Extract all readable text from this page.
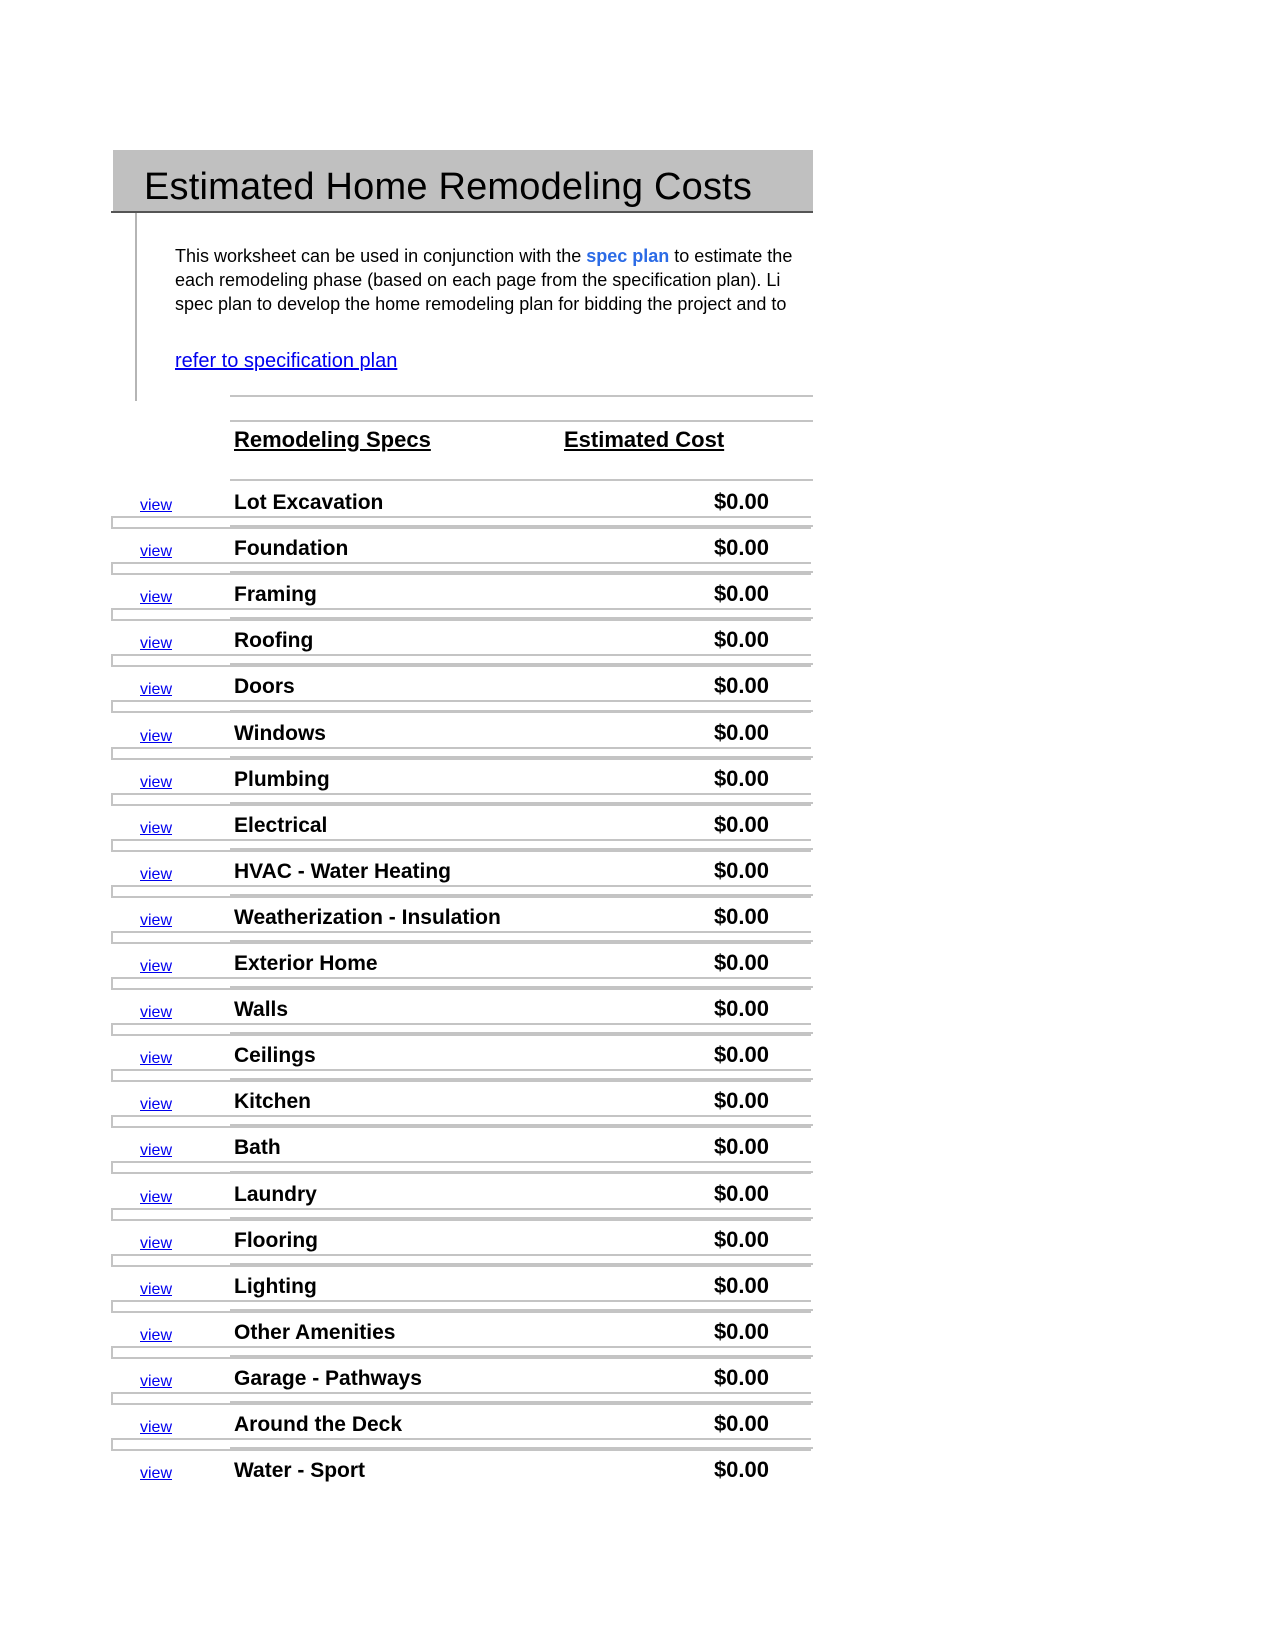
Estimated Home Remodeling Costs
This worksheet can be used in conjunction with the spec plan to estimate the
each remodeling phase (based on each page from the specification plan). Li
spec plan to develop the home remodeling plan for bidding the project and to
refer to specification plan
Remodeling Specs	Estimated Cost
view	Lot Excavation	$0.00
view	Foundation	$0.00
view	Framing	$0.00
view	Roofing	$0.00
view	Doors	$0.00
view	Windows	$0.00
view	Plumbing	$0.00
view	Electrical	$0.00
view	HVAC - Water Heating	$0.00
view	Weatherization - Insulation	$0.00
view	Exterior Home	$0.00
view	Walls	$0.00
view	Ceilings	$0.00
view	Kitchen	$0.00
view	Bath	$0.00
view	Laundry	$0.00
view	Flooring	$0.00
view	Lighting	$0.00
view	Other Amenities	$0.00
view	Garage - Pathways	$0.00
view	Around the Deck	$0.00
view	Water - Sport	$0.00
